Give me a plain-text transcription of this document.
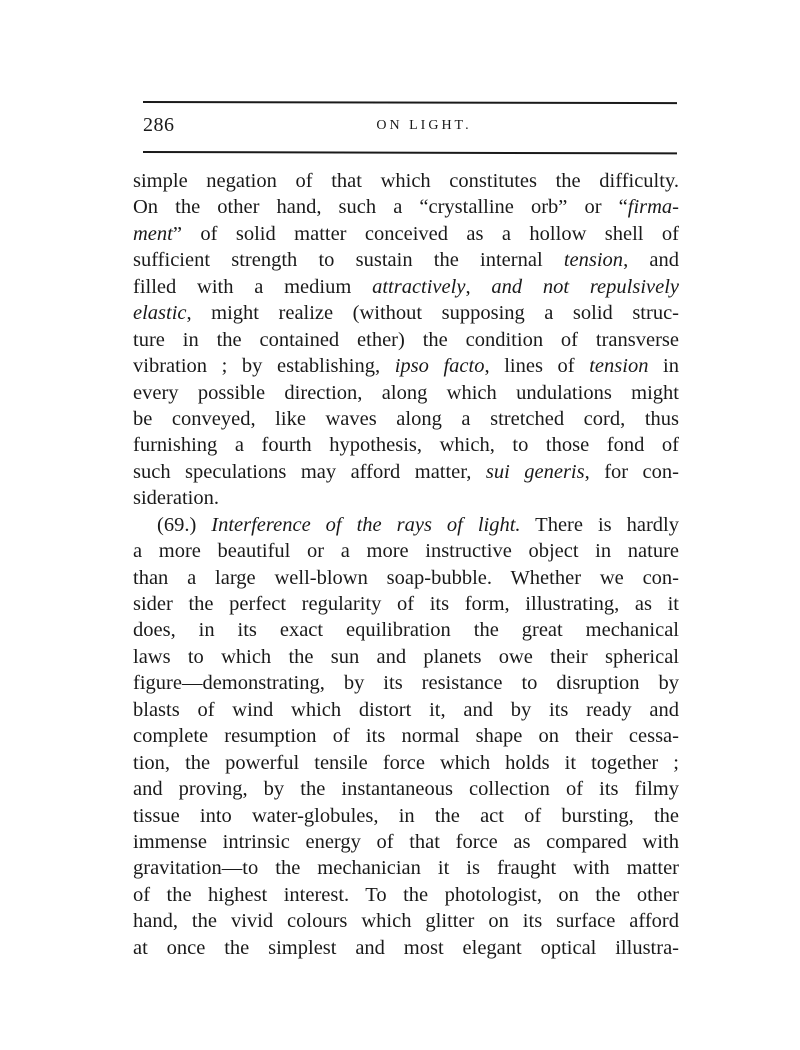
286	ON LIGHT.
simple negation of that which constitutes the difficulty.
On the other hand, such a “crystalline orb” or “firma-
ment” of solid matter conceived as a hollow shell of
sufficient strength to sustain the internal tension, and
filled with a medium attractively, and not repulsively
elastic, might realize (without supposing a solid struc-
ture in the contained ether) the condition of transverse
vibration ; by establishing, ipso facto, lines of tension in
every possible direction, along which undulations might
be conveyed, like waves along a stretched cord, thus
furnishing a fourth hypothesis, which, to those fond of
such speculations may afford matter, sui generis, for con-
sideration.
(69.) Interference of the rays of light. There is hardly
a more beautiful or a more instructive object in nature
than a large well-blown soap-bubble. Whether we con-
sider the perfect regularity of its form, illustrating, as it
does, in its exact equilibration the great mechanical
laws to which the sun and planets owe their spherical
figure—demonstrating, by its resistance to disruption by
blasts of wind which distort it, and by its ready and
complete resumption of its normal shape on their cessa-
tion, the powerful tensile force which holds it together ;
and proving, by the instantaneous collection of its filmy
tissue into water-globules, in the act of bursting, the
immense intrinsic energy of that force as compared with
gravitation—to the mechanician it is fraught with matter
of the highest interest. To the photologist, on the other
hand, the vivid colours which glitter on its surface afford
at once the simplest and most elegant optical illustra-
